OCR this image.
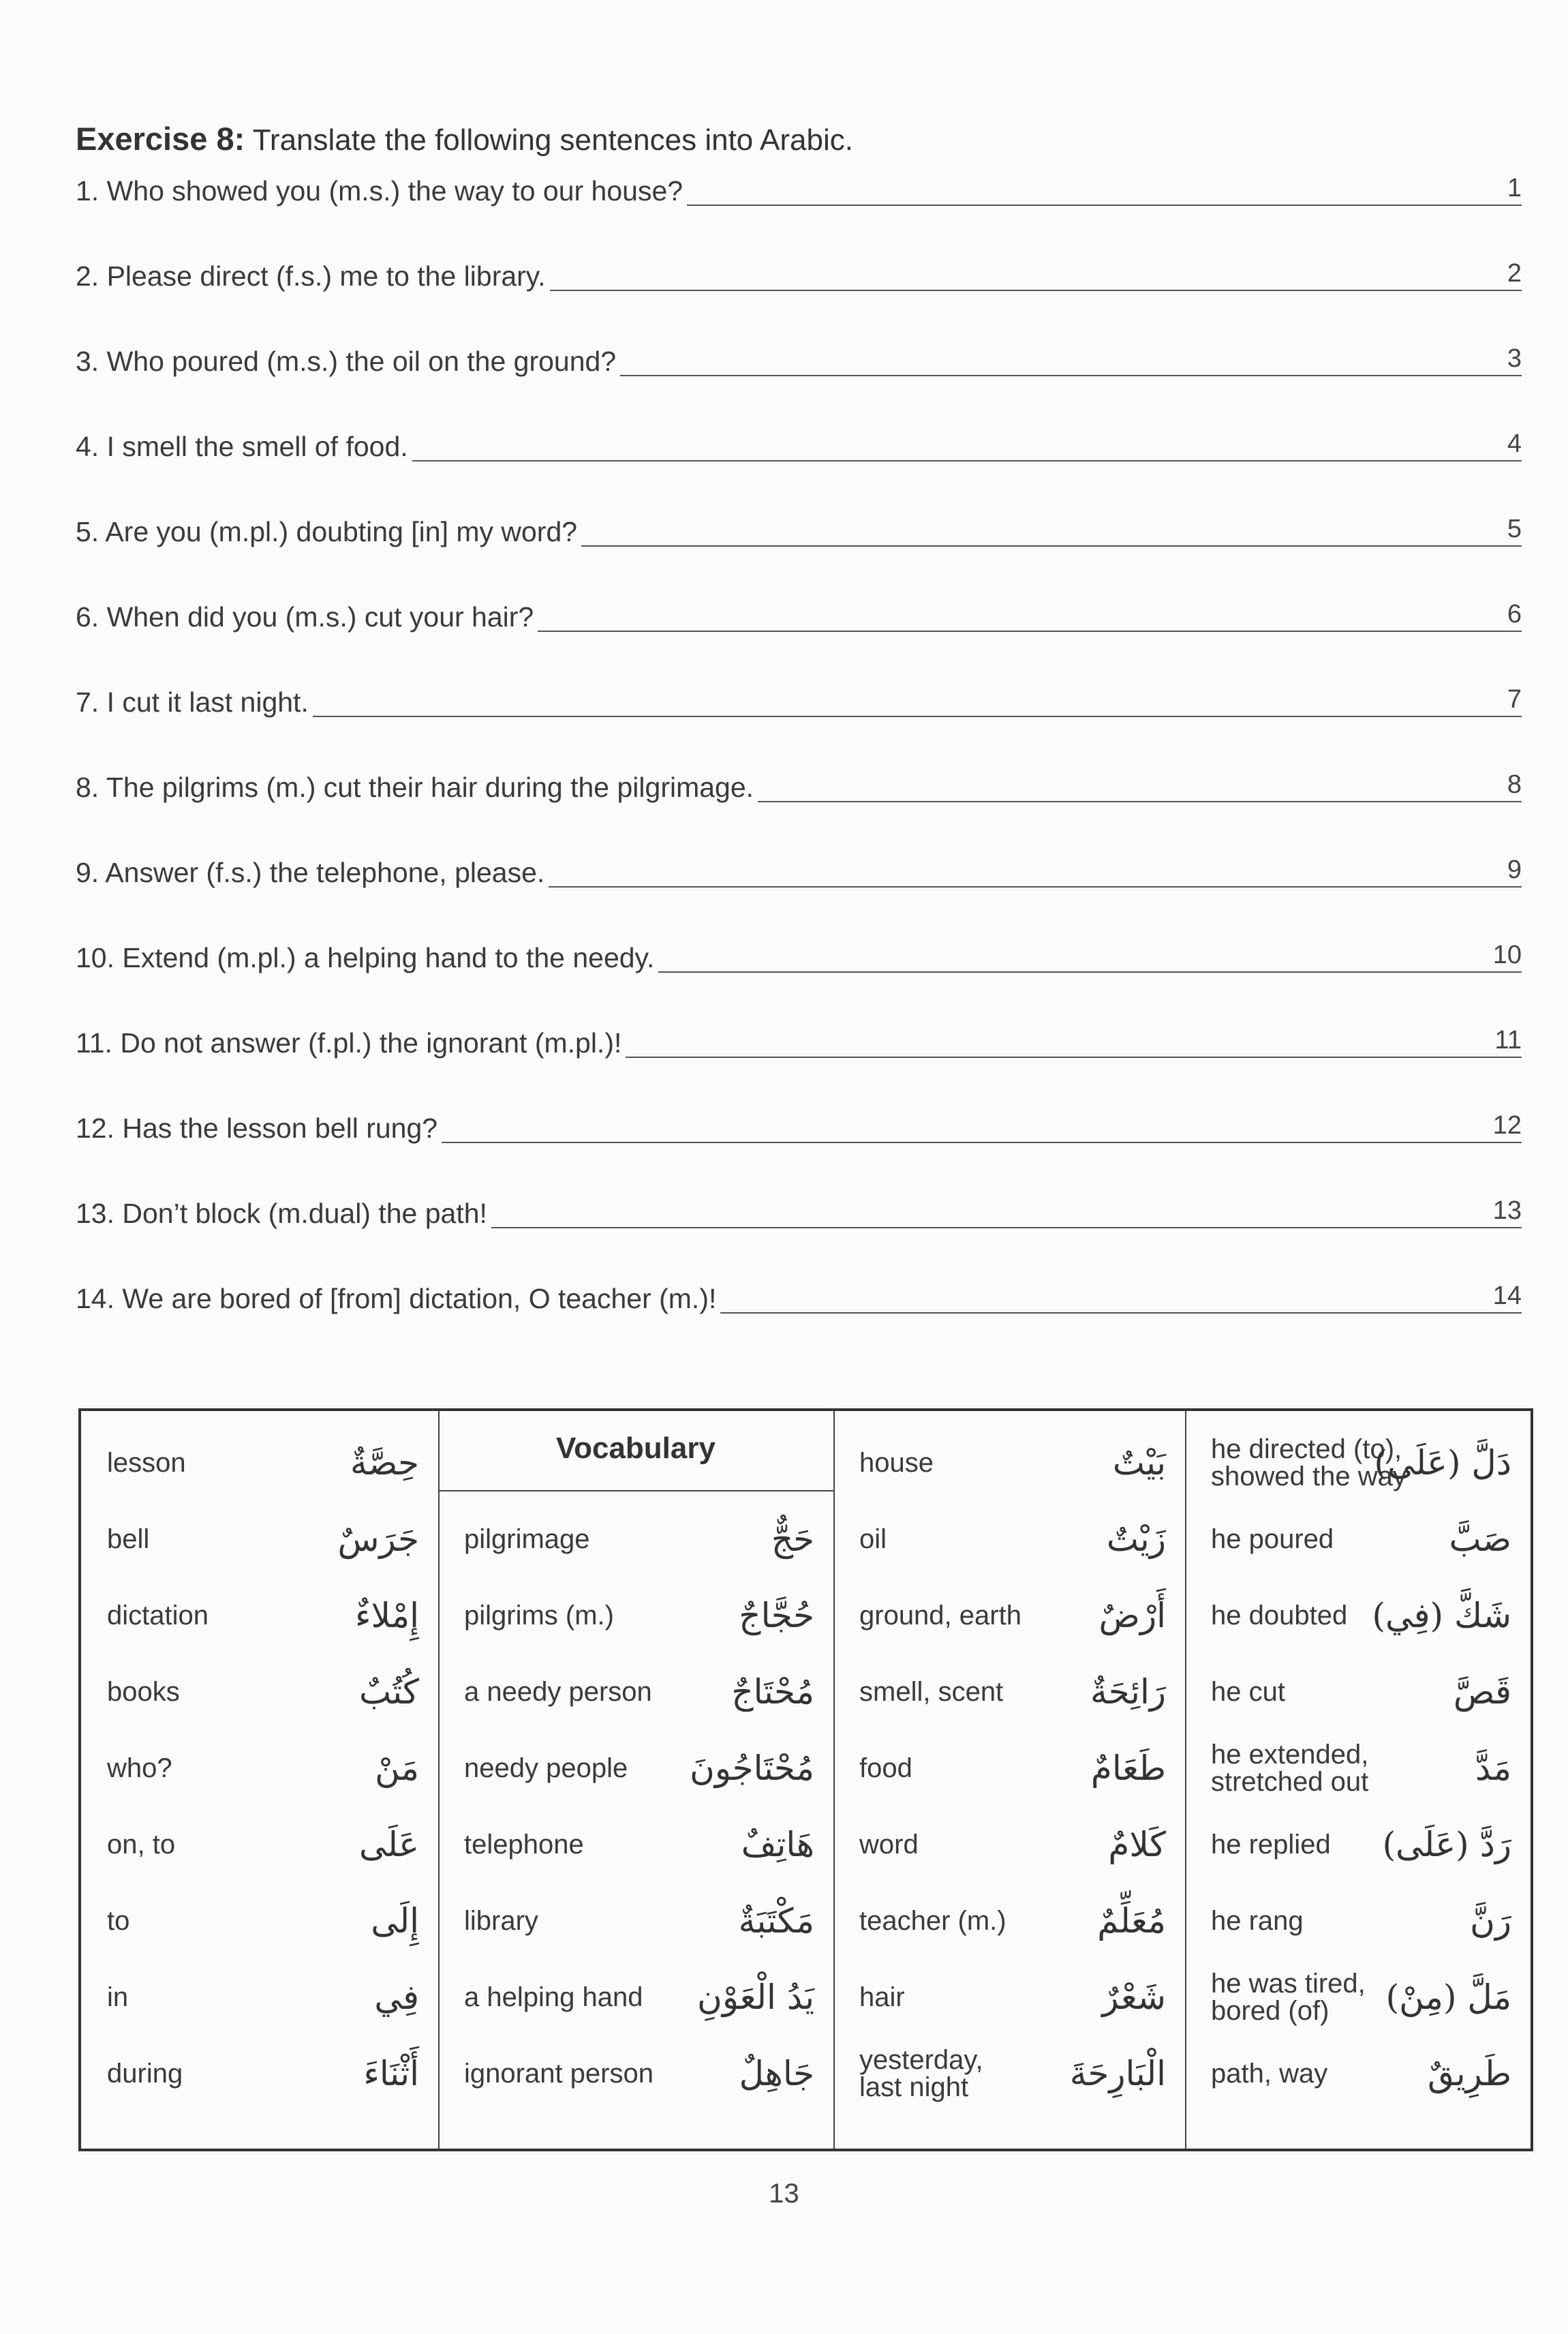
Exercise 8: Translate the following sentences into Arabic.
1. Who showed you (m.s.) the way to our house?	1
2. Please direct (f.s.) me to the library.	2
3. Who poured (m.s.) the oil on the ground?	3
4. I smell the smell of food.	4
5. Are you (m.pl.) doubting [in] my word?	5
6. When did you (m.s.) cut your hair?	6
7. I cut it last night.	7
8. The pilgrims (m.) cut their hair during the pilgrimage.	8
9. Answer (f.s.) the telephone, please.	9
10. Extend (m.pl.) a helping hand to the needy.	10
11. Do not answer (f.pl.) the ignorant (m.pl.)!	11
12. Has the lesson bell rung?	12
13. Don’t block (m.dual) the path!	13
14. We are bored of [from] dictation, O teacher (m.)!	14
lesson	حِصَّةٌ
bell	جَرَسٌ
dictation	إِمْلاءٌ
books	كُتُبٌ
who?	مَنْ
on, to	عَلَى
to	إِلَى
in	فِي
during	أَثْنَاءَ
Vocabulary
pilgrimage	حَجٌّ
pilgrims (m.)	حُجَّاجٌ
a needy person مُحْتَاجٌ
needy people مُحْتَاجُونَ
telephone	هَاتِفٌ
library	مَكْتَبَةٌ
a helping hand يَدُ الْعَوْنِ
ignorant person	جَاهِلٌ
house	بَيْتٌ
oil	زَيْتٌ
ground, earth أَرْضٌ
smell, scent	رَائِحَةٌ
food	طَعَامٌ
word	كَلامٌ
teacher (m.)	مُعَلِّمٌ
hair	شَعْرٌ
yesterday,
last night	الْبَارِحَةَ
he directed (to),
showed the way
دَلَّ (عَلَى)
he poured	صَبَّ
he doubted شَكَّ (فِي)
he cut	قَصَّ
he extended,
stretched out	مَدَّ
he replied رَدَّ (عَلَى)
he rang	رَنَّ
he was tired,
bored (of)	مَلَّ (مِنْ)
path, way	طَرِيقٌ
13
